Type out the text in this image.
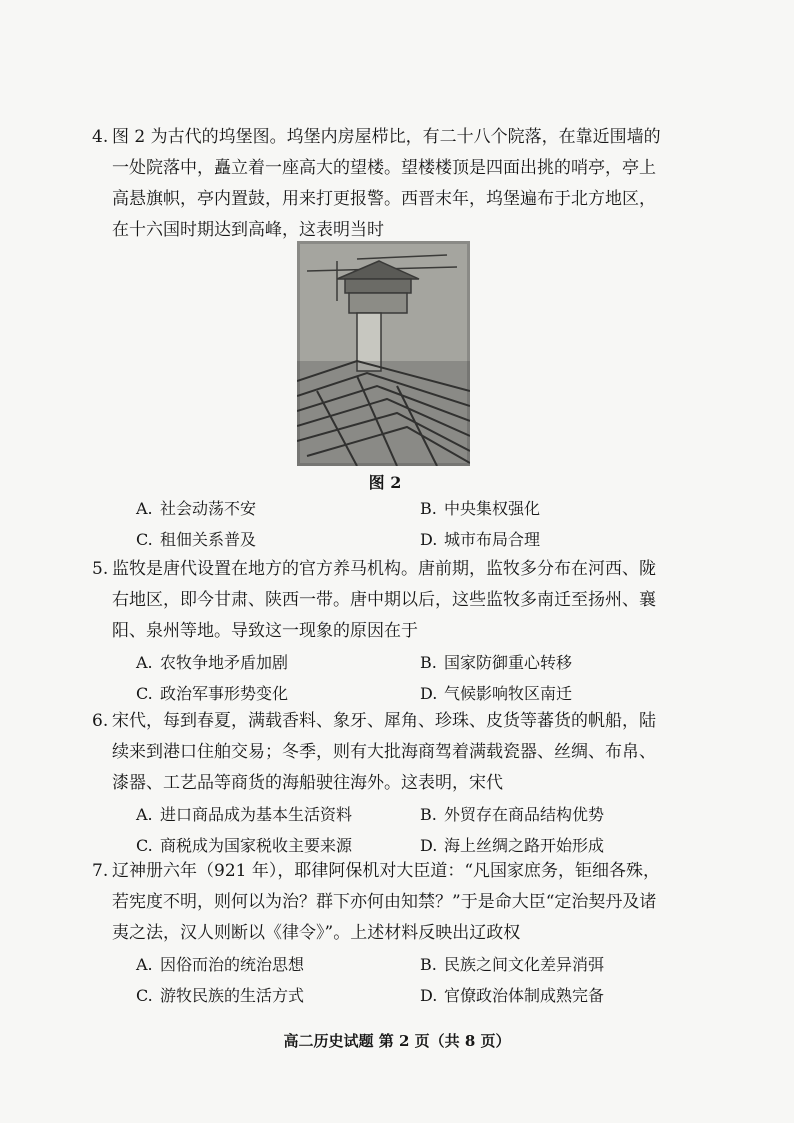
4. 图 2 为古代的坞堡图。坞堡内房屋栉比，有二十八个院落，在靠近围墙的一处院落中，矗立着一座高大的望楼。望楼楼顶是四面出挑的哨亭，亭上高悬旗帜，亭内置鼓，用来打更报警。西晋末年，坞堡遍布于北方地区，在十六国时期达到高峰，这表明当时

图 2
A. 社会动荡不安	B. 中央集权强化
C. 租佃关系普及	D. 城市布局合理
5. 监牧是唐代设置在地方的官方养马机构。唐前期，监牧多分布在河西、陇右地区，即今甘肃、陕西一带。唐中期以后，这些监牧多南迁至扬州、襄阳、泉州等地。导致这一现象的原因在于

A. 农牧争地矛盾加剧	B. 国家防御重心转移
C. 政治军事形势变化	D. 气候影响牧区南迁
6. 宋代，每到春夏，满载香料、象牙、犀角、珍珠、皮货等蕃货的帆船，陆续来到港口住舶交易；冬季，则有大批海商驾着满载瓷器、丝绸、布帛、漆器、工艺品等商货的海船驶往海外。这表明，宋代

A. 进口商品成为基本生活资料	B. 外贸存在商品结构优势
C. 商税成为国家税收主要来源	D. 海上丝绸之路开始形成
7. 辽神册六年（921 年），耶律阿保机对大臣道：“凡国家庶务，钜细各殊，若宪度不明，则何以为治？群下亦何由知禁？”于是命大臣“定治契丹及诸夷之法，汉人则断以《律令》”。上述材料反映出辽政权

A. 因俗而治的统治思想	B. 民族之间文化差异消弭
C. 游牧民族的生活方式	D. 官僚政治体制成熟完备
高二历史试题 第 2 页（共 8 页）
